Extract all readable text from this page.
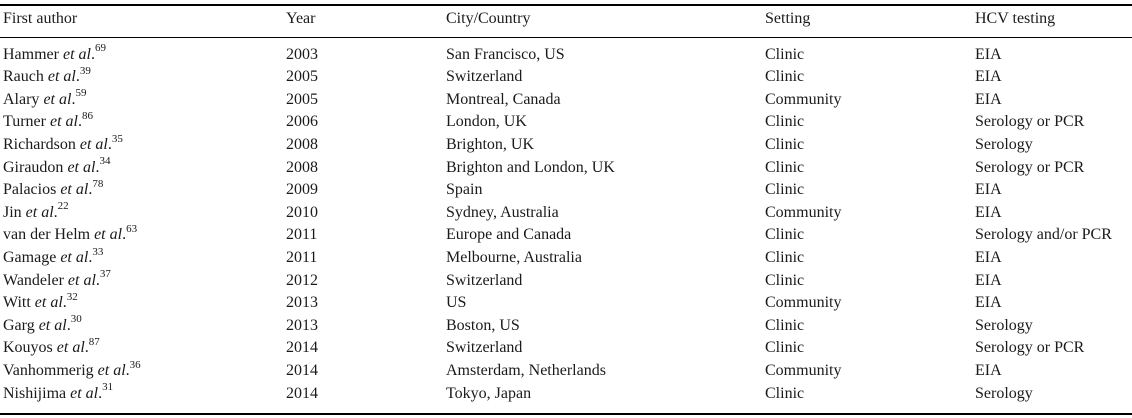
First author	Year	City/Country	Setting	HCV testing
Hammer et al.$^{69}$	2003	San Francisco, US	Clinic	EIA
Rauch et al.$^{39}$	2005	Switzerland	Clinic	EIA
Alary et al.$^{59}$	2005	Montreal, Canada	Community	EIA
Turner et al.$^{86}$	2006	London, UK	Clinic	Serology or PCR
Richardson et al.$^{35}$	2008	Brighton, UK	Clinic	Serology
Giraudon et al.$^{34}$	2008	Brighton and London, UK	Clinic	Serology or PCR
Palacios et al.$^{78}$	2009	Spain	Clinic	EIA
Jin et al.$^{22}$	2010	Sydney, Australia	Community	EIA
van der Helm et al.$^{63}$	2011	Europe and Canada	Clinic	Serology and/or PCR
Gamage et al.$^{33}$	2011	Melbourne, Australia	Clinic	EIA
Wandeler et al.$^{37}$	2012	Switzerland	Clinic	EIA
Witt et al.$^{32}$	2013	US	Community	EIA
Garg et al.$^{30}$	2013	Boston, US	Clinic	Serology
Kouyos et al.$^{87}$	2014	Switzerland	Clinic	Serology or PCR
Vanhommerig et al.$^{36}$	2014	Amsterdam, Netherlands	Community	EIA
Nishijima et al.$^{31}$	2014	Tokyo, Japan	Clinic	Serology
